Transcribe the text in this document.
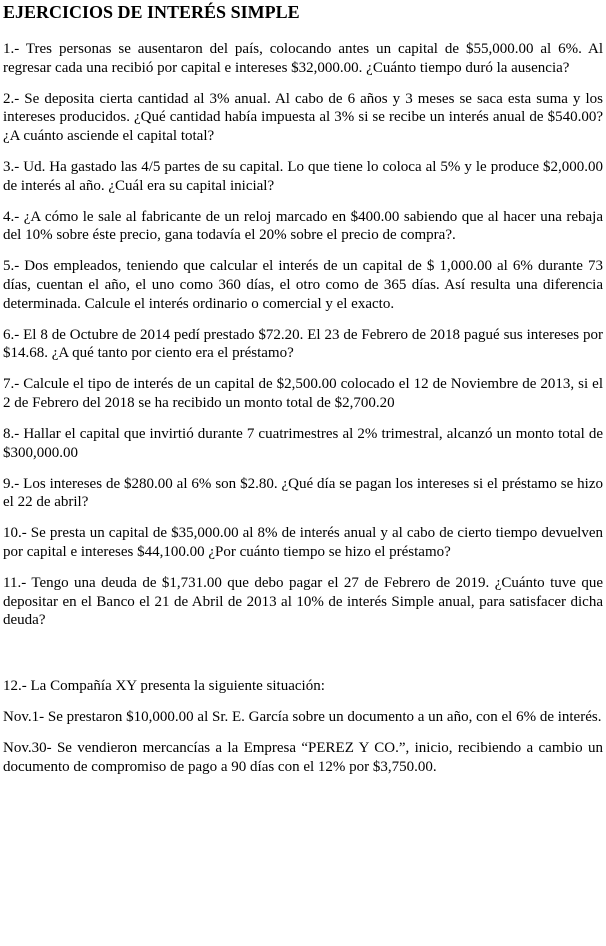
EJERCICIOS DE INTERÉS SIMPLE

1.- Tres personas se ausentaron del país, colocando antes un capital de $55,000.00 al 6%. Al regresar cada una recibió por capital e intereses $32,000.00. ¿Cuánto tiempo duró la ausencia?

2.- Se deposita cierta cantidad al 3% anual. Al cabo de 6 años y 3 meses se saca esta suma y los intereses producidos. ¿Qué cantidad había impuesta al 3% si se recibe un interés anual de $540.00? ¿A cuánto asciende el capital total?

3.- Ud. Ha gastado las 4/5 partes de su capital. Lo que tiene lo coloca al 5% y le produce $2,000.00 de interés al año. ¿Cuál era su capital inicial?

4.- ¿A cómo le sale al fabricante de un reloj marcado en $400.00 sabiendo que al hacer una rebaja del 10% sobre éste precio, gana todavía el 20% sobre el precio de compra?.

5.- Dos empleados, teniendo que calcular el interés de un capital de $ 1,000.00 al 6% durante 73 días, cuentan el año, el uno como 360 días, el otro como de 365 días. Así resulta una diferencia determinada. Calcule el interés ordinario o comercial y el exacto.

6.- El 8 de Octubre de 2014 pedí prestado $72.20. El 23 de Febrero de 2018 pagué sus intereses por $14.68. ¿A qué tanto por ciento era el préstamo?

7.- Calcule el tipo de interés de un capital de $2,500.00 colocado el 12 de Noviembre de 2013, si el 2 de Febrero del 2018 se ha recibido un monto total de $2,700.20

8.- Hallar el capital que invirtió durante 7 cuatrimestres al 2% trimestral, alcanzó un monto total de $300,000.00

9.- Los intereses de $280.00 al 6% son $2.80. ¿Qué día se pagan los intereses si el préstamo se hizo el 22 de abril?

10.- Se presta un capital de $35,000.00 al 8% de interés anual y al cabo de cierto tiempo devuelven por capital e intereses $44,100.00 ¿Por cuánto tiempo se hizo el préstamo?

11.- Tengo una deuda de $1,731.00 que debo pagar el 27 de Febrero de 2019. ¿Cuánto tuve que depositar en el Banco el 21 de Abril de 2013 al 10% de interés Simple anual, para satisfacer dicha deuda?

12.- La Compañía XY presenta la siguiente situación:

Nov.1- Se prestaron $10,000.00 al Sr. E. García sobre un documento a un año, con el 6% de interés.

Nov.30- Se vendieron mercancías a la Empresa “PEREZ Y CO.”, inicio, recibiendo a cambio un documento de compromiso de pago a 90 días con el 12% por $3,750.00.
